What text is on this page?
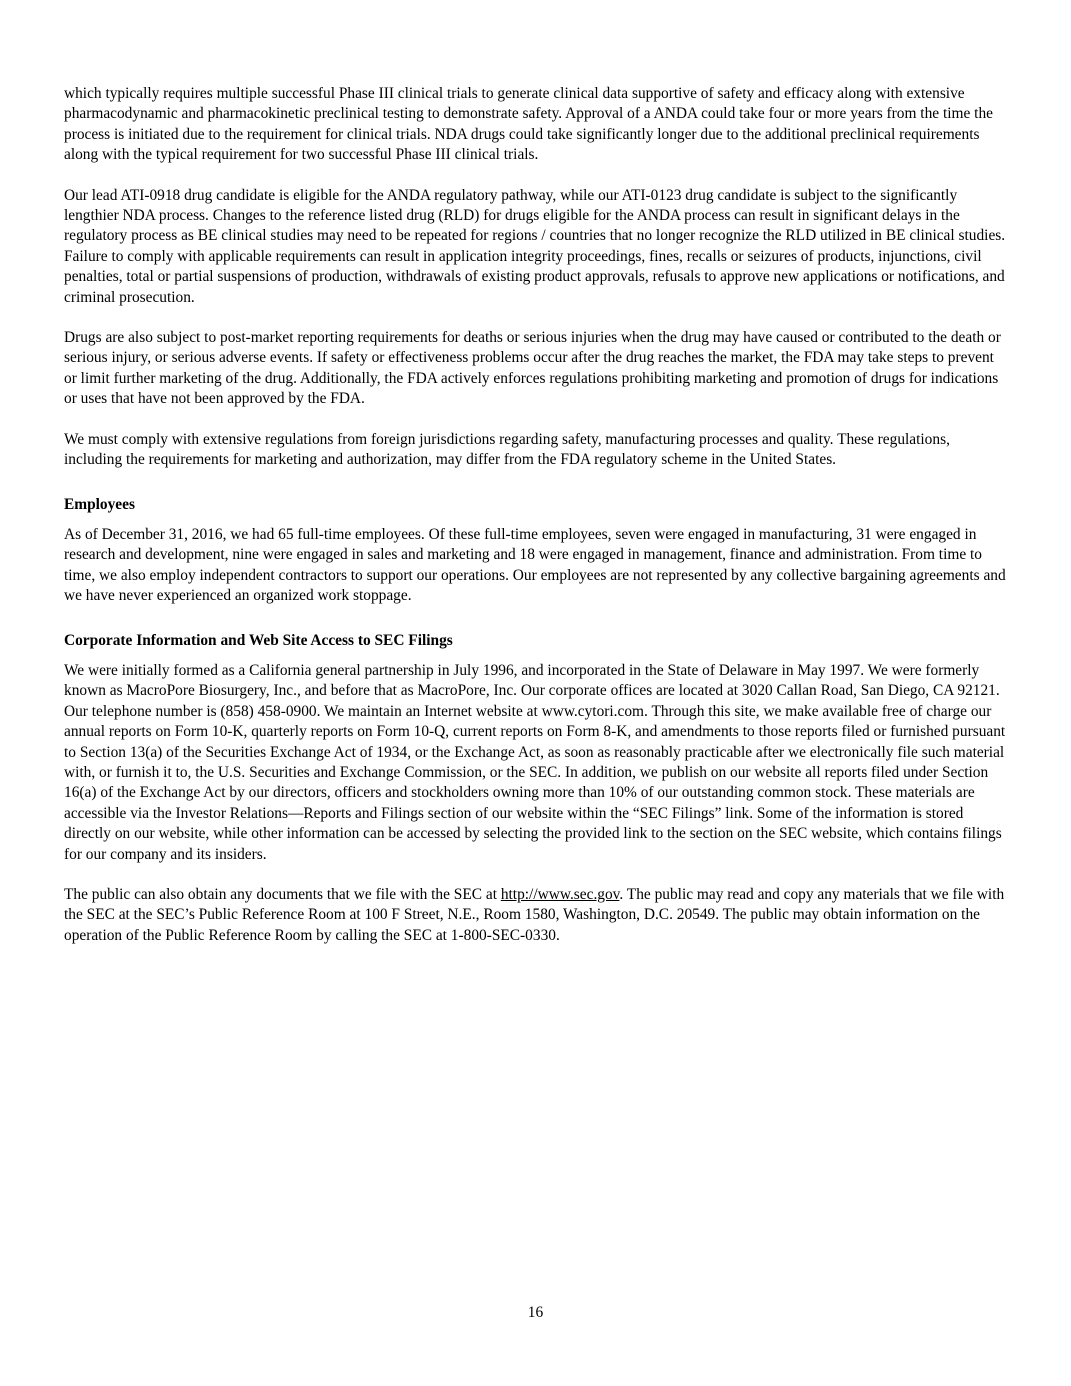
which typically requires multiple successful Phase III clinical trials to generate clinical data supportive of safety and efficacy along with extensive pharmacodynamic and pharmacokinetic preclinical testing to demonstrate safety. Approval of a ANDA could take four or more years from the time the process is initiated due to the requirement for clinical trials. NDA drugs could take significantly longer due to the additional preclinical requirements along with the typical requirement for two successful Phase III clinical trials.

Our lead ATI-0918 drug candidate is eligible for the ANDA regulatory pathway, while our ATI-0123 drug candidate is subject to the significantly lengthier NDA process. Changes to the reference listed drug (RLD) for drugs eligible for the ANDA process can result in significant delays in the regulatory process as BE clinical studies may need to be repeated for regions / countries that no longer recognize the RLD utilized in BE clinical studies. Failure to comply with applicable requirements can result in application integrity proceedings, fines, recalls or seizures of products, injunctions, civil penalties, total or partial suspensions of production, withdrawals of existing product approvals, refusals to approve new applications or notifications, and criminal prosecution.

Drugs are also subject to post-market reporting requirements for deaths or serious injuries when the drug may have caused or contributed to the death or serious injury, or serious adverse events. If safety or effectiveness problems occur after the drug reaches the market, the FDA may take steps to prevent or limit further marketing of the drug. Additionally, the FDA actively enforces regulations prohibiting marketing and promotion of drugs for indications or uses that have not been approved by the FDA.

We must comply with extensive regulations from foreign jurisdictions regarding safety, manufacturing processes and quality. These regulations, including the requirements for marketing and authorization, may differ from the FDA regulatory scheme in the United States.

Employees

As of December 31, 2016, we had 65 full-time employees. Of these full-time employees, seven were engaged in manufacturing, 31 were engaged in research and development, nine were engaged in sales and marketing and 18 were engaged in management, finance and administration. From time to time, we also employ independent contractors to support our operations. Our employees are not represented by any collective bargaining agreements and we have never experienced an organized work stoppage.

Corporate Information and Web Site Access to SEC Filings

We were initially formed as a California general partnership in July 1996, and incorporated in the State of Delaware in May 1997. We were formerly known as MacroPore Biosurgery, Inc., and before that as MacroPore, Inc. Our corporate offices are located at 3020 Callan Road, San Diego, CA 92121. Our telephone number is (858) 458-0900. We maintain an Internet website at www.cytori.com. Through this site, we make available free of charge our annual reports on Form 10-K, quarterly reports on Form 10-Q, current reports on Form 8-K, and amendments to those reports filed or furnished pursuant to Section 13(a) of the Securities Exchange Act of 1934, or the Exchange Act, as soon as reasonably practicable after we electronically file such material with, or furnish it to, the U.S. Securities and Exchange Commission, or the SEC. In addition, we publish on our website all reports filed under Section 16(a) of the Exchange Act by our directors, officers and stockholders owning more than 10% of our outstanding common stock. These materials are accessible via the Investor Relations—Reports and Filings section of our website within the “SEC Filings” link. Some of the information is stored directly on our website, while other information can be accessed by selecting the provided link to the section on the SEC website, which contains filings for our company and its insiders.

The public can also obtain any documents that we file with the SEC at http://www.sec.gov. The public may read and copy any materials that we file with the SEC at the SEC’s Public Reference Room at 100 F Street, N.E., Room 1580, Washington, D.C. 20549. The public may obtain information on the operation of the Public Reference Room by calling the SEC at 1-800-SEC-0330.

16
